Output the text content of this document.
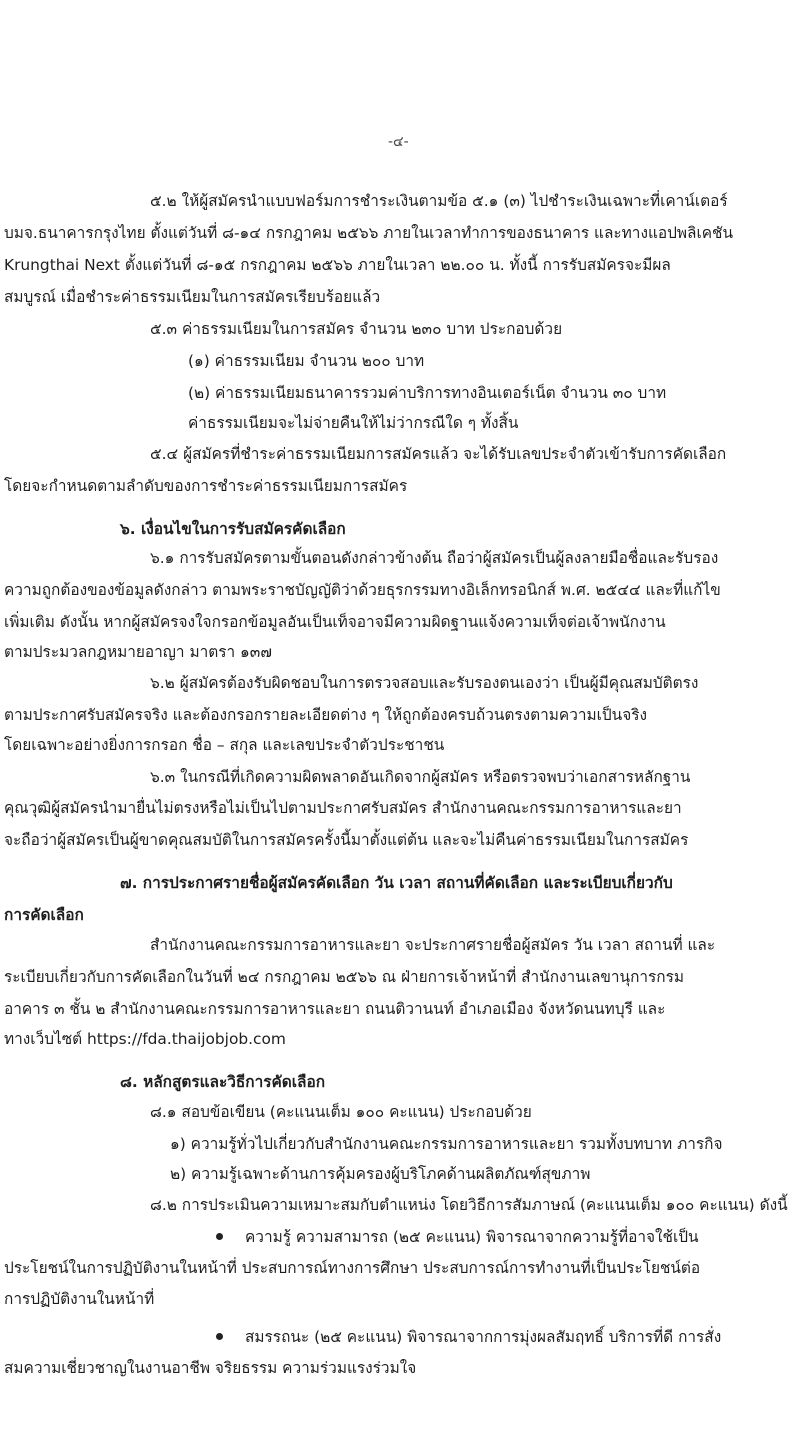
-๔-
๕.๒ ให้ผู้สมัครนำแบบฟอร์มการชำระเงินตามข้อ ๕.๑ (๓) ไปชำระเงินเฉพาะที่เคาน์เตอร์
บมจ.ธนาคารกรุงไทย ตั้งแต่วันที่ ๘-๑๔ กรกฎาคม ๒๕๖๖ ภายในเวลาทำการของธนาคาร และทางแอปพลิเคชัน
Krungthai Next ตั้งแต่วันที่ ๘-๑๕ กรกฎาคม ๒๕๖๖ ภายในเวลา ๒๒.๐๐ น. ทั้งนี้ การรับสมัครจะมีผล
สมบูรณ์ เมื่อชำระค่าธรรมเนียมในการสมัครเรียบร้อยแล้ว
๕.๓ ค่าธรรมเนียมในการสมัคร จำนวน ๒๓๐ บาท ประกอบด้วย
(๑) ค่าธรรมเนียม จำนวน ๒๐๐ บาท
(๒) ค่าธรรมเนียมธนาคารรวมค่าบริการทางอินเตอร์เน็ต จำนวน ๓๐ บาท
ค่าธรรมเนียมจะไม่จ่ายคืนให้ไม่ว่ากรณีใด ๆ ทั้งสิ้น
๕.๔ ผู้สมัครที่ชำระค่าธรรมเนียมการสมัครแล้ว จะได้รับเลขประจำตัวเข้ารับการคัดเลือก
โดยจะกำหนดตามลำดับของการชำระค่าธรรมเนียมการสมัคร
๖. เงื่อนไขในการรับสมัครคัดเลือก
๖.๑ การรับสมัครตามขั้นตอนดังกล่าวข้างต้น ถือว่าผู้สมัครเป็นผู้ลงลายมือชื่อและรับรอง
ความถูกต้องของข้อมูลดังกล่าว ตามพระราชบัญญัติว่าด้วยธุรกรรมทางอิเล็กทรอนิกส์ พ.ศ. ๒๕๔๔ และที่แก้ไข
เพิ่มเติม ดังนั้น หากผู้สมัครจงใจกรอกข้อมูลอันเป็นเท็จอาจมีความผิดฐานแจ้งความเท็จต่อเจ้าพนักงาน
ตามประมวลกฎหมายอาญา มาตรา ๑๓๗
๖.๒ ผู้สมัครต้องรับผิดชอบในการตรวจสอบและรับรองตนเองว่า เป็นผู้มีคุณสมบัติตรง
ตามประกาศรับสมัครจริง และต้องกรอกรายละเอียดต่าง ๆ ให้ถูกต้องครบถ้วนตรงตามความเป็นจริง
โดยเฉพาะอย่างยิ่งการกรอก ชื่อ – สกุล และเลขประจำตัวประชาชน
๖.๓ ในกรณีที่เกิดความผิดพลาดอันเกิดจากผู้สมัคร หรือตรวจพบว่าเอกสารหลักฐาน
คุณวุฒิผู้สมัครนำมายื่นไม่ตรงหรือไม่เป็นไปตามประกาศรับสมัคร สำนักงานคณะกรรมการอาหารและยา
จะถือว่าผู้สมัครเป็นผู้ขาดคุณสมบัติในการสมัครครั้งนี้มาตั้งแต่ต้น และจะไม่คืนค่าธรรมเนียมในการสมัคร
๗. การประกาศรายชื่อผู้สมัครคัดเลือก วัน เวลา สถานที่คัดเลือก และระเบียบเกี่ยวกับ
การคัดเลือก
สำนักงานคณะกรรมการอาหารและยา จะประกาศรายชื่อผู้สมัคร วัน เวลา สถานที่ และ
ระเบียบเกี่ยวกับการคัดเลือกในวันที่ ๒๔ กรกฎาคม ๒๕๖๖ ณ ฝ่ายการเจ้าหน้าที่ สำนักงานเลขานุการกรม
อาคาร ๓ ชั้น ๒ สำนักงานคณะกรรมการอาหารและยา ถนนติวานนท์ อำเภอเมือง จังหวัดนนทบุรี และ
ทางเว็บไซต์ https://fda.thaijobjob.com
๘. หลักสูตรและวิธีการคัดเลือก
๘.๑ สอบข้อเขียน (คะแนนเต็ม ๑๐๐ คะแนน) ประกอบด้วย
๑) ความรู้ทั่วไปเกี่ยวกับสำนักงานคณะกรรมการอาหารและยา รวมทั้งบทบาท ภารกิจ
๒) ความรู้เฉพาะด้านการคุ้มครองผู้บริโภคด้านผลิตภัณฑ์สุขภาพ
๘.๒ การประเมินความเหมาะสมกับตำแหน่ง โดยวิธีการสัมภาษณ์ (คะแนนเต็ม ๑๐๐ คะแนน) ดังนี้
ความรู้ ความสามารถ (๒๕ คะแนน) พิจารณาจากความรู้ที่อาจใช้เป็น
ประโยชน์ในการปฏิบัติงานในหน้าที่ ประสบการณ์ทางการศึกษา ประสบการณ์การทำงานที่เป็นประโยชน์ต่อ
การปฏิบัติงานในหน้าที่
สมรรถนะ (๒๕ คะแนน) พิจารณาจากการมุ่งผลสัมฤทธิ์ บริการที่ดี การสั่ง
สมความเชี่ยวชาญในงานอาชีพ จริยธรรม ความร่วมแรงร่วมใจ
